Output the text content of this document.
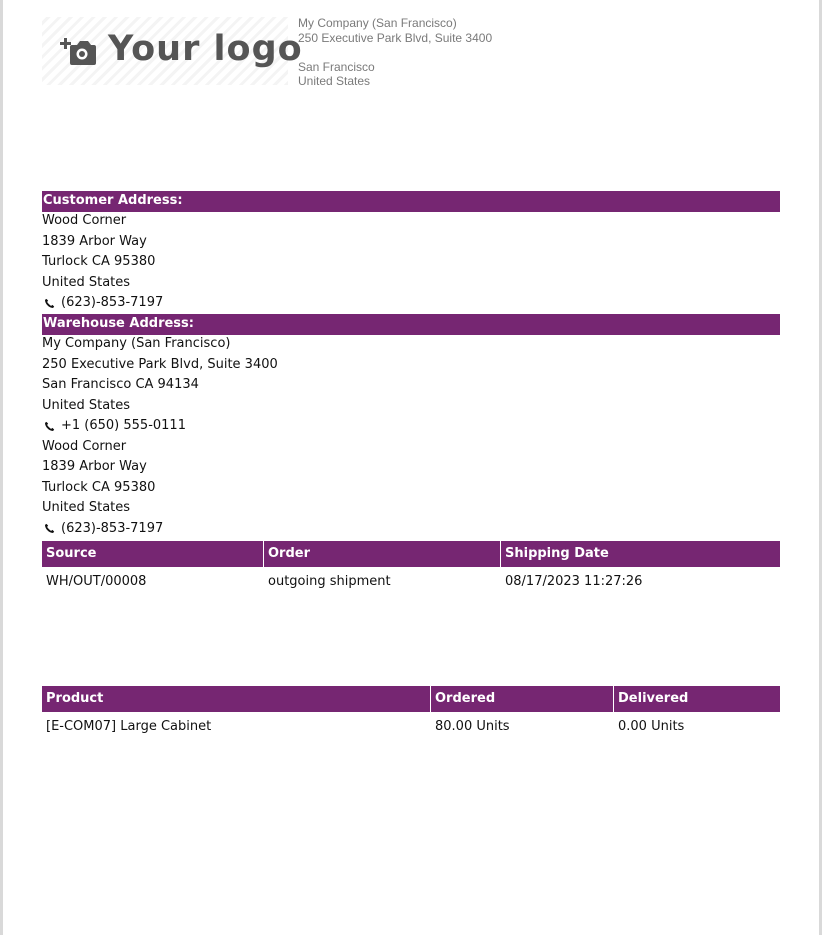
Your logo
My Company (San Francisco)
250 Executive Park Blvd, Suite 3400
San Francisco
United States
Customer Address:
Wood Corner
1839 Arbor Way
Turlock CA 95380
United States
(623)-853-7197
Warehouse Address:
My Company (San Francisco)
250 Executive Park Blvd, Suite 3400
San Francisco CA 94134
United States
+1 (650) 555-0111
Wood Corner
1839 Arbor Way
Turlock CA 95380
United States
(623)-853-7197
Source	Order	Shipping Date
WH/OUT/00008	outgoing shipment	08/17/2023 11:27:26
Product	Ordered	Delivered
[E-COM07] Large Cabinet	80.00 Units	0.00 Units
